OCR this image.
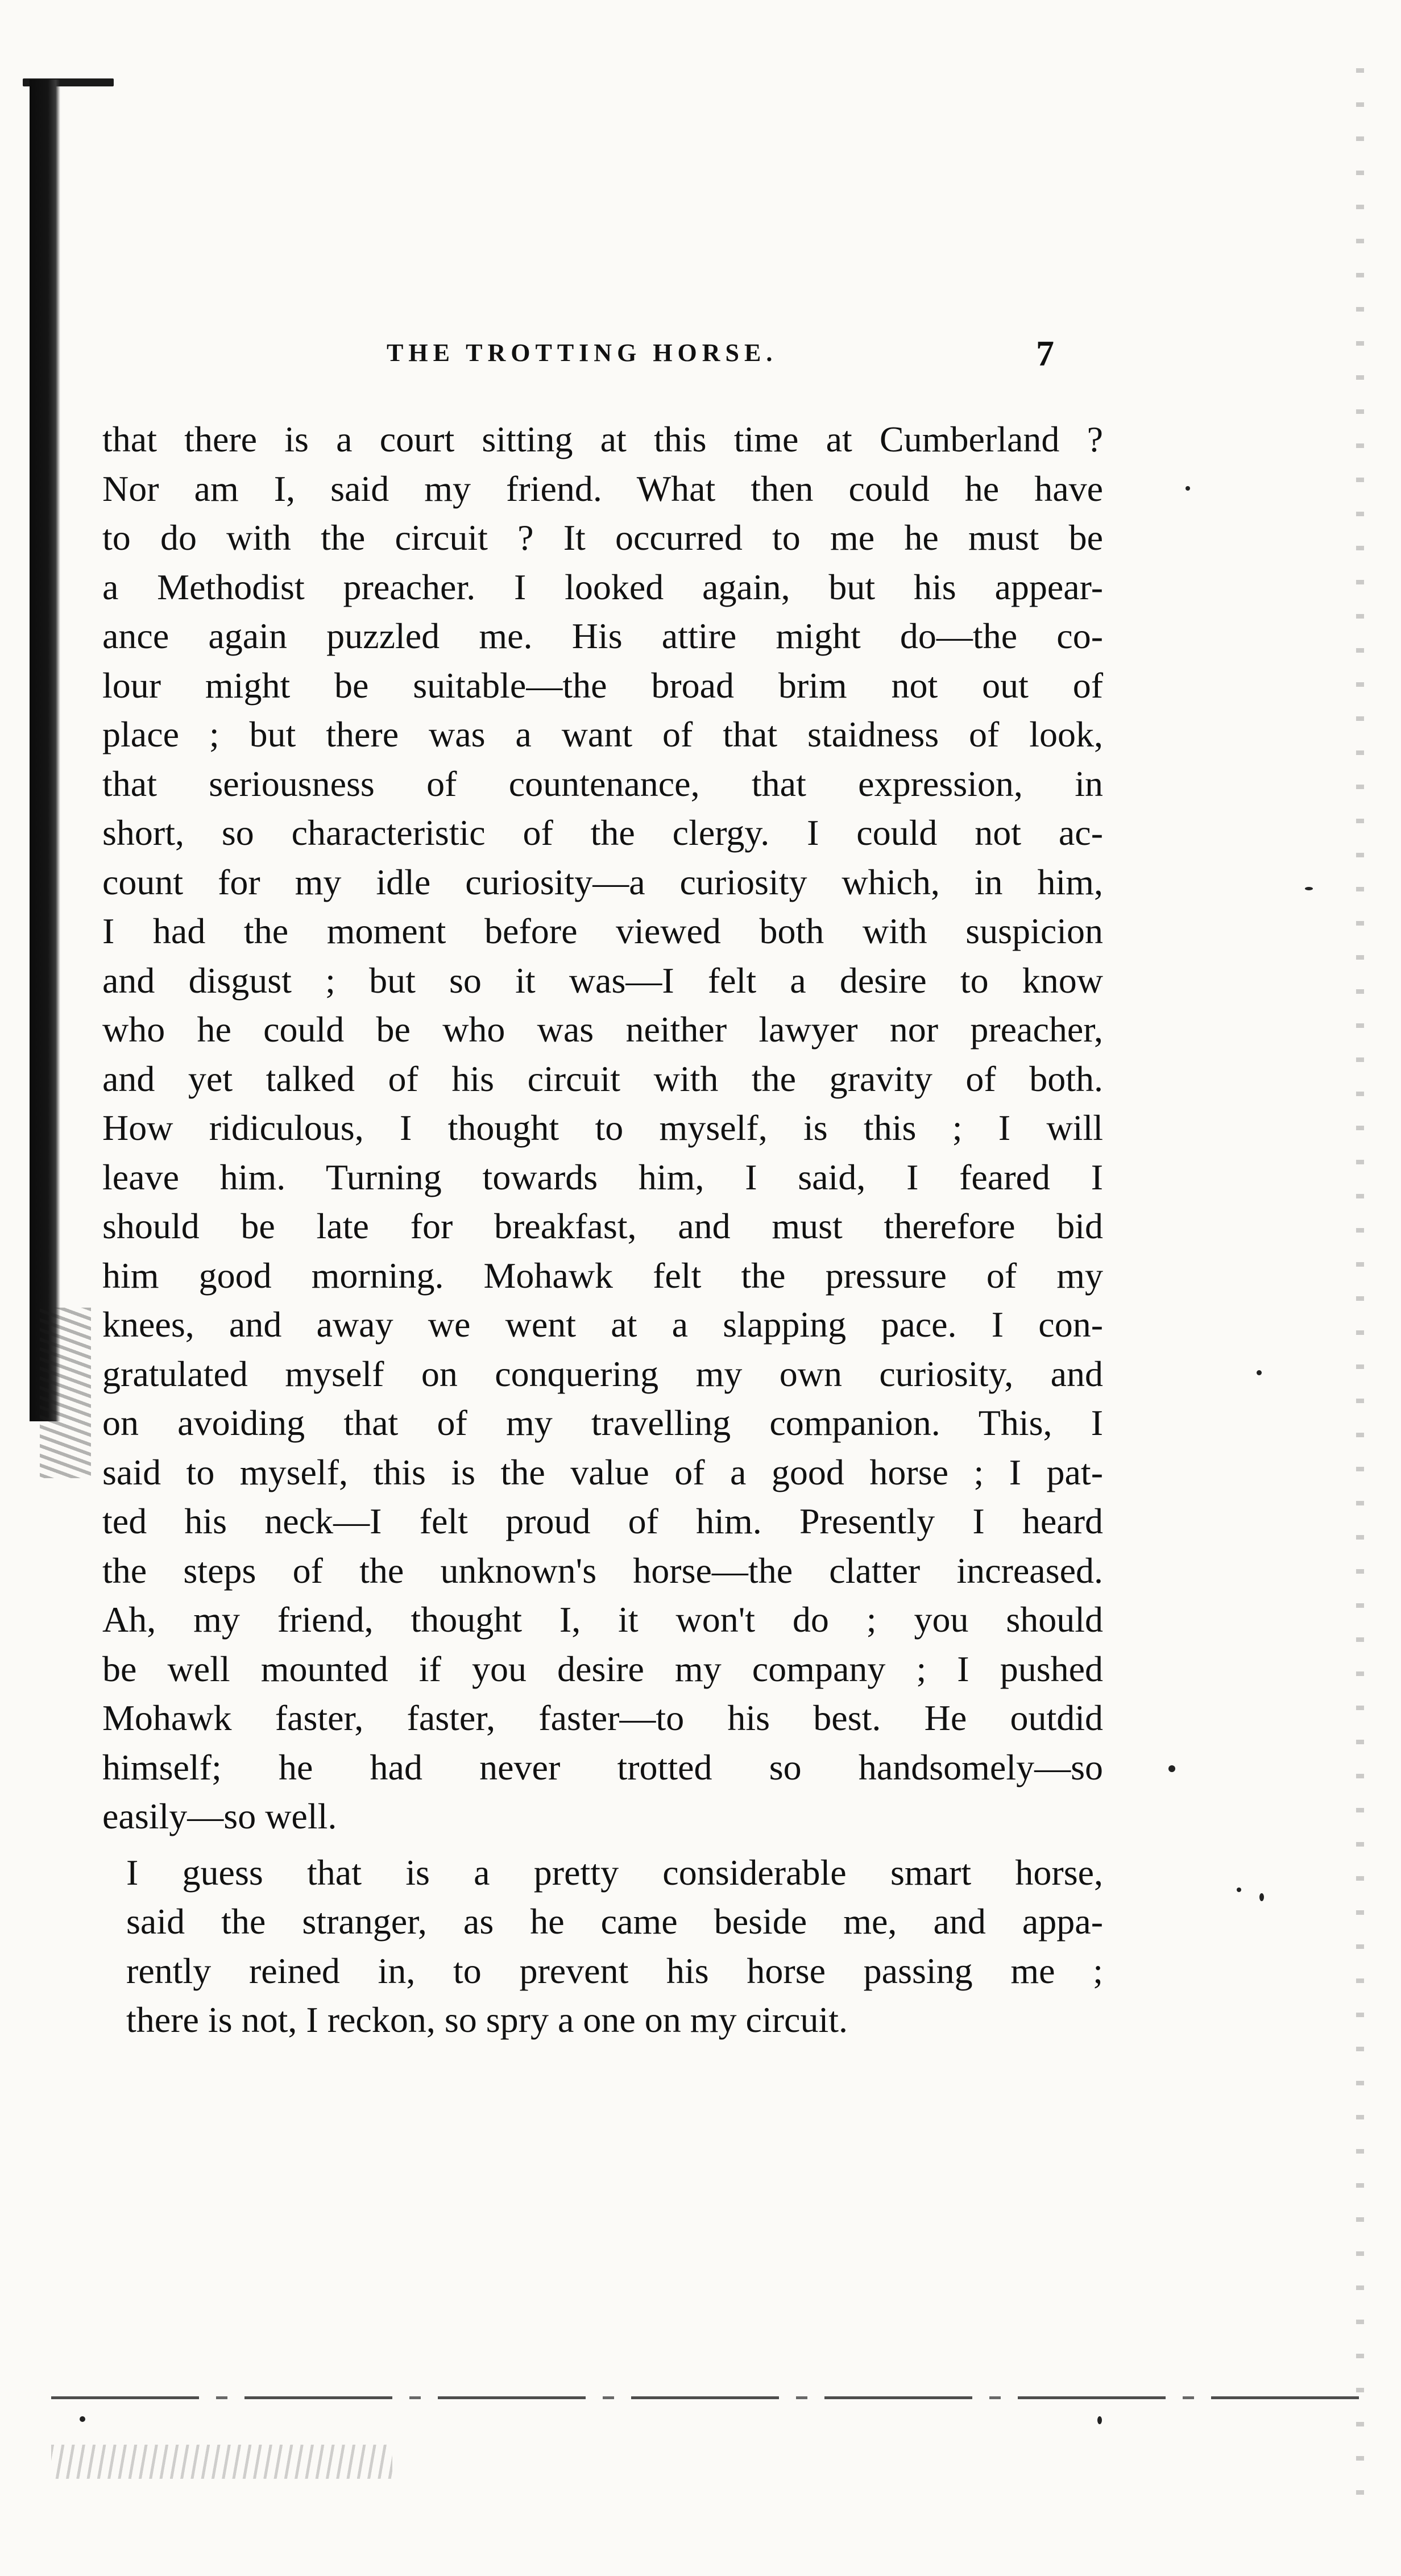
THE TROTTING HORSE.	7
that there is a court sitting at this time at Cumberland ?
Nor am I, said my friend. What then could he have
to do with the circuit ? It occurred to me he must be
a Methodist preacher. I looked again, but his appear-
ance again puzzled me. His attire might do—the co-
lour might be suitable—the broad brim not out of
place ; but there was a want of that staidness of look,
that seriousness of countenance, that expression, in
short, so characteristic of the clergy. I could not ac-
count for my idle curiosity—a curiosity which, in him,
I had the moment before viewed both with suspicion
and disgust ; but so it was—I felt a desire to know
who he could be who was neither lawyer nor preacher,
and yet talked of his circuit with the gravity of both.
How ridiculous, I thought to myself, is this ; I will
leave him. Turning towards him, I said, I feared I
should be late for breakfast, and must therefore bid
him good morning. Mohawk felt the pressure of my
knees, and away we went at a slapping pace. I con-
gratulated myself on conquering my own curiosity, and
on avoiding that of my travelling companion. This, I
said to myself, this is the value of a good horse ; I pat-
ted his neck—I felt proud of him. Presently I heard
the steps of the unknown's horse—the clatter increased.
Ah, my friend, thought I, it won't do ; you should
be well mounted if you desire my company ; I pushed
Mohawk faster, faster, faster—to his best. He outdid
himself; he had never trotted so handsomely—so
easily—so well.
I guess that is a pretty considerable smart horse,
said the stranger, as he came beside me, and appa-
rently reined in, to prevent his horse passing me ;
there is not, I reckon, so spry a one on my circuit.
